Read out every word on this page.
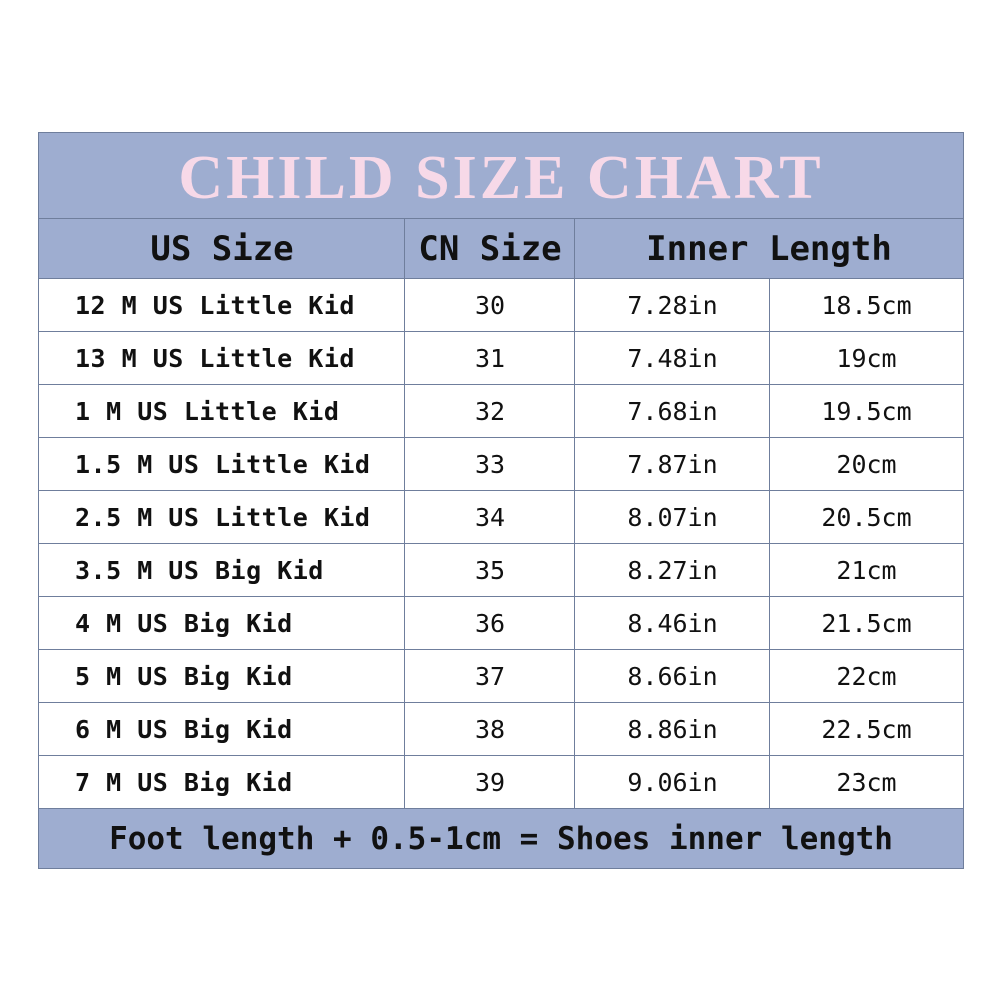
CHILD SIZE CHART
US Size	CN Size	Inner Length
12 M US Little Kid	30	7.28in	18.5cm
13 M US Little Kid	31	7.48in	19cm
1 M US Little Kid	32	7.68in	19.5cm
1.5 M US Little Kid	33	7.87in	20cm
2.5 M US Little Kid	34	8.07in	20.5cm
3.5 M US Big Kid	35	8.27in	21cm
4 M US Big Kid	36	8.46in	21.5cm
5 M US Big Kid	37	8.66in	22cm
6 M US Big Kid	38	8.86in	22.5cm
7 M US Big Kid	39	9.06in	23cm
Foot length + 0.5-1cm = Shoes inner length
